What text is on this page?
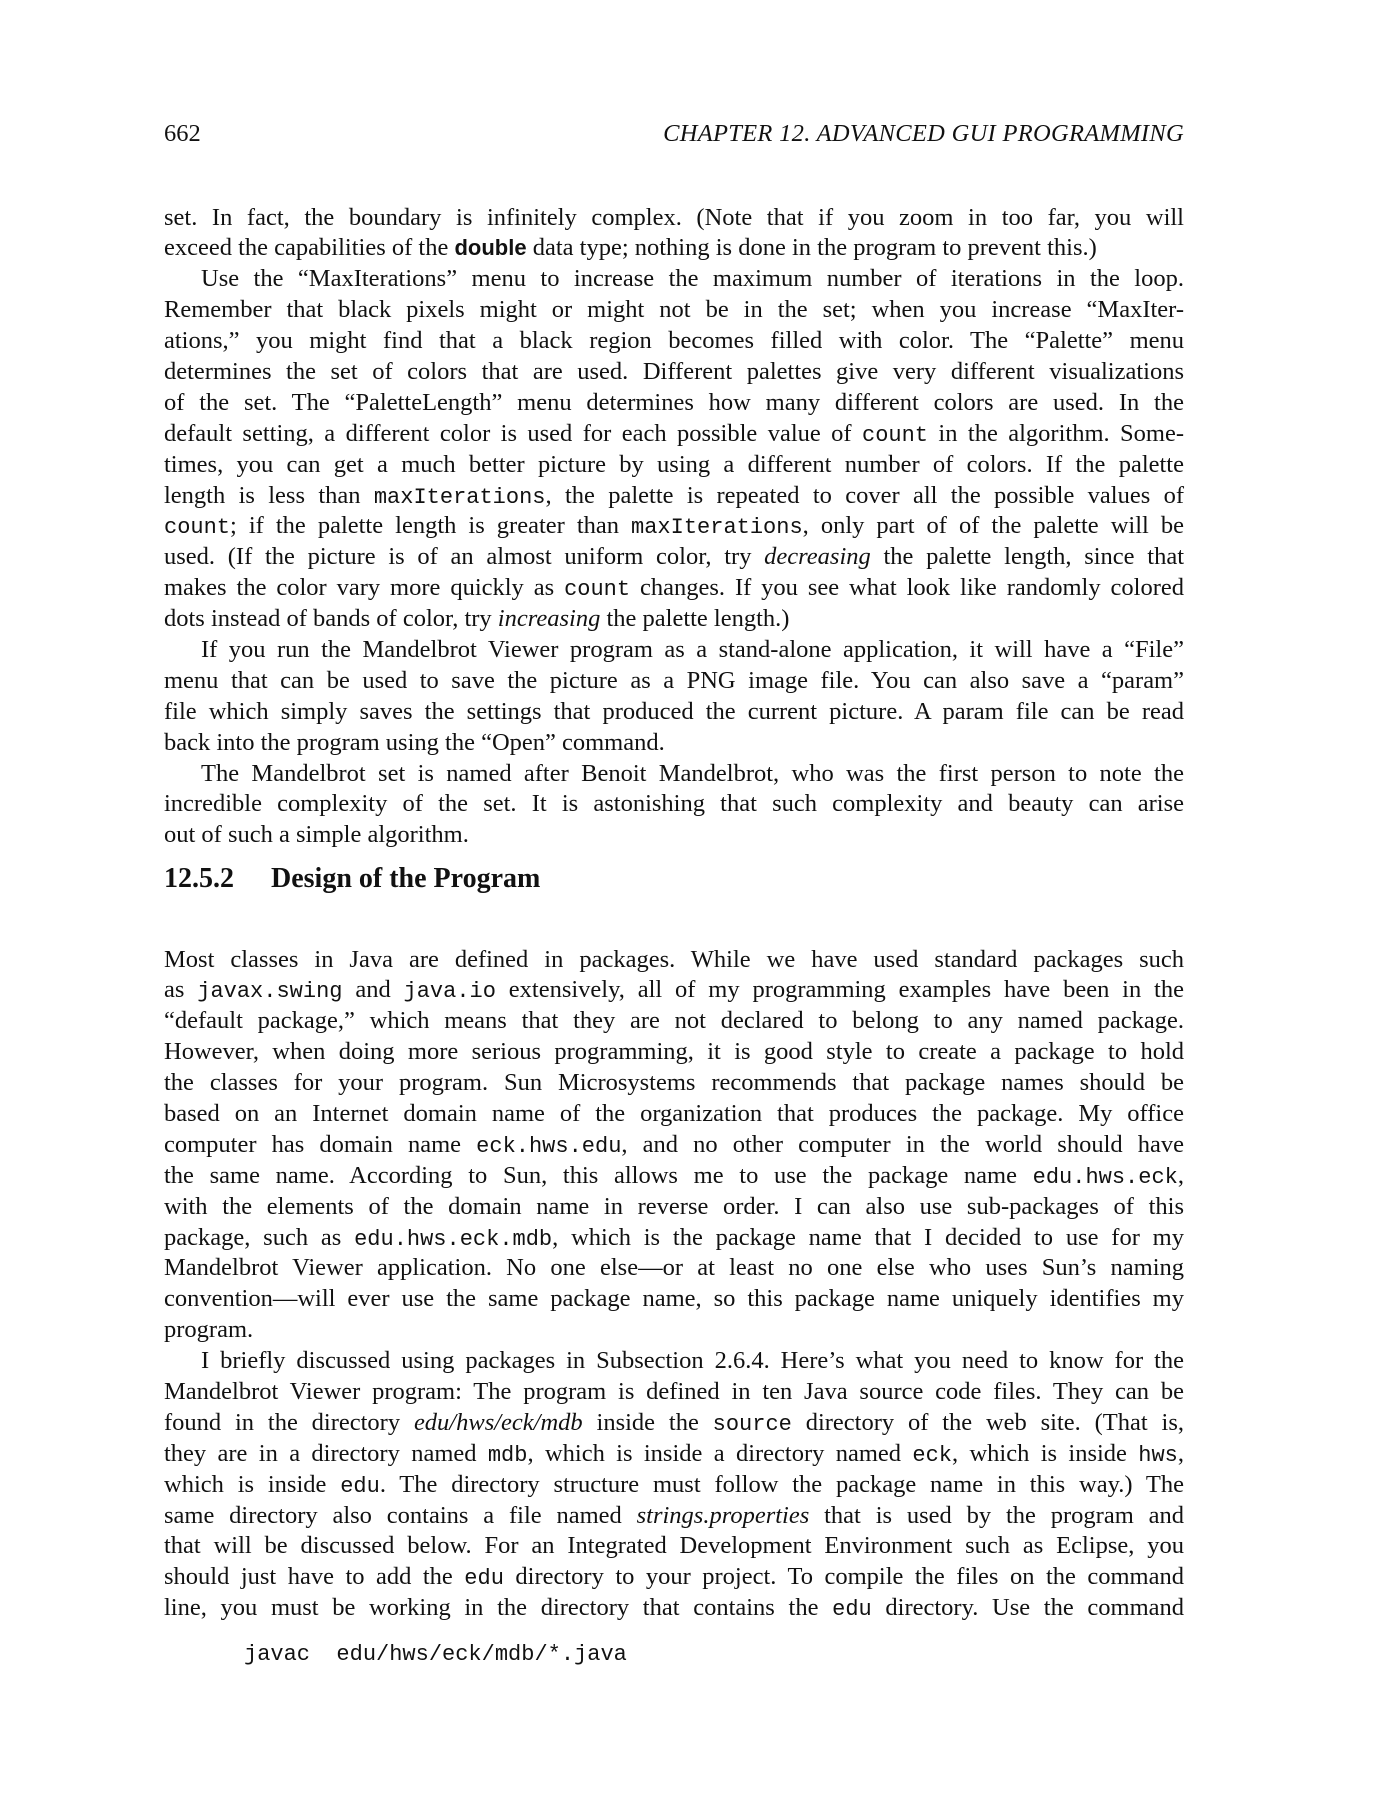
662	CHAPTER 12. ADVANCED GUI PROGRAMMING
set. In fact, the boundary is infinitely complex. (Note that if you zoom in too far, you will
exceed the capabilities of the double data type; nothing is done in the program to prevent this.)
Use the “MaxIterations” menu to increase the maximum number of iterations in the loop.
Remember that black pixels might or might not be in the set; when you increase “MaxIter-
ations,” you might find that a black region becomes filled with color. The “Palette” menu
determines the set of colors that are used. Different palettes give very different visualizations
of the set. The “PaletteLength” menu determines how many different colors are used. In the
default setting, a different color is used for each possible value of count in the algorithm. Some-
times, you can get a much better picture by using a different number of colors. If the palette
length is less than maxIterations, the palette is repeated to cover all the possible values of
count; if the palette length is greater than maxIterations, only part of of the palette will be
used. (If the picture is of an almost uniform color, try decreasing the palette length, since that
makes the color vary more quickly as count changes. If you see what look like randomly colored
dots instead of bands of color, try increasing the palette length.)
If you run the Mandelbrot Viewer program as a stand-alone application, it will have a “File”
menu that can be used to save the picture as a PNG image file. You can also save a “param”
file which simply saves the settings that produced the current picture. A param file can be read
back into the program using the “Open” command.
The Mandelbrot set is named after Benoit Mandelbrot, who was the first person to note the
incredible complexity of the set. It is astonishing that such complexity and beauty can arise
out of such a simple algorithm.
12.5.2 Design of the Program
Most classes in Java are defined in packages. While we have used standard packages such
as javax.swing and java.io extensively, all of my programming examples have been in the
“default package,” which means that they are not declared to belong to any named package.
However, when doing more serious programming, it is good style to create a package to hold
the classes for your program. Sun Microsystems recommends that package names should be
based on an Internet domain name of the organization that produces the package. My office
computer has domain name eck.hws.edu, and no other computer in the world should have
the same name. According to Sun, this allows me to use the package name edu.hws.eck,
with the elements of the domain name in reverse order. I can also use sub-packages of this
package, such as edu.hws.eck.mdb, which is the package name that I decided to use for my
Mandelbrot Viewer application. No one else—or at least no one else who uses Sun’s naming
convention—will ever use the same package name, so this package name uniquely identifies my
program.
I briefly discussed using packages in Subsection 2.6.4. Here’s what you need to know for the
Mandelbrot Viewer program: The program is defined in ten Java source code files. They can be
found in the directory edu/hws/eck/mdb inside the source directory of the web site. (That is,
they are in a directory named mdb, which is inside a directory named eck, which is inside hws,
which is inside edu. The directory structure must follow the package name in this way.) The
same directory also contains a file named strings.properties that is used by the program and
that will be discussed below. For an Integrated Development Environment such as Eclipse, you
should just have to add the edu directory to your project. To compile the files on the command
line, you must be working in the directory that contains the edu directory. Use the command
javac  edu/hws/eck/mdb/*.java
